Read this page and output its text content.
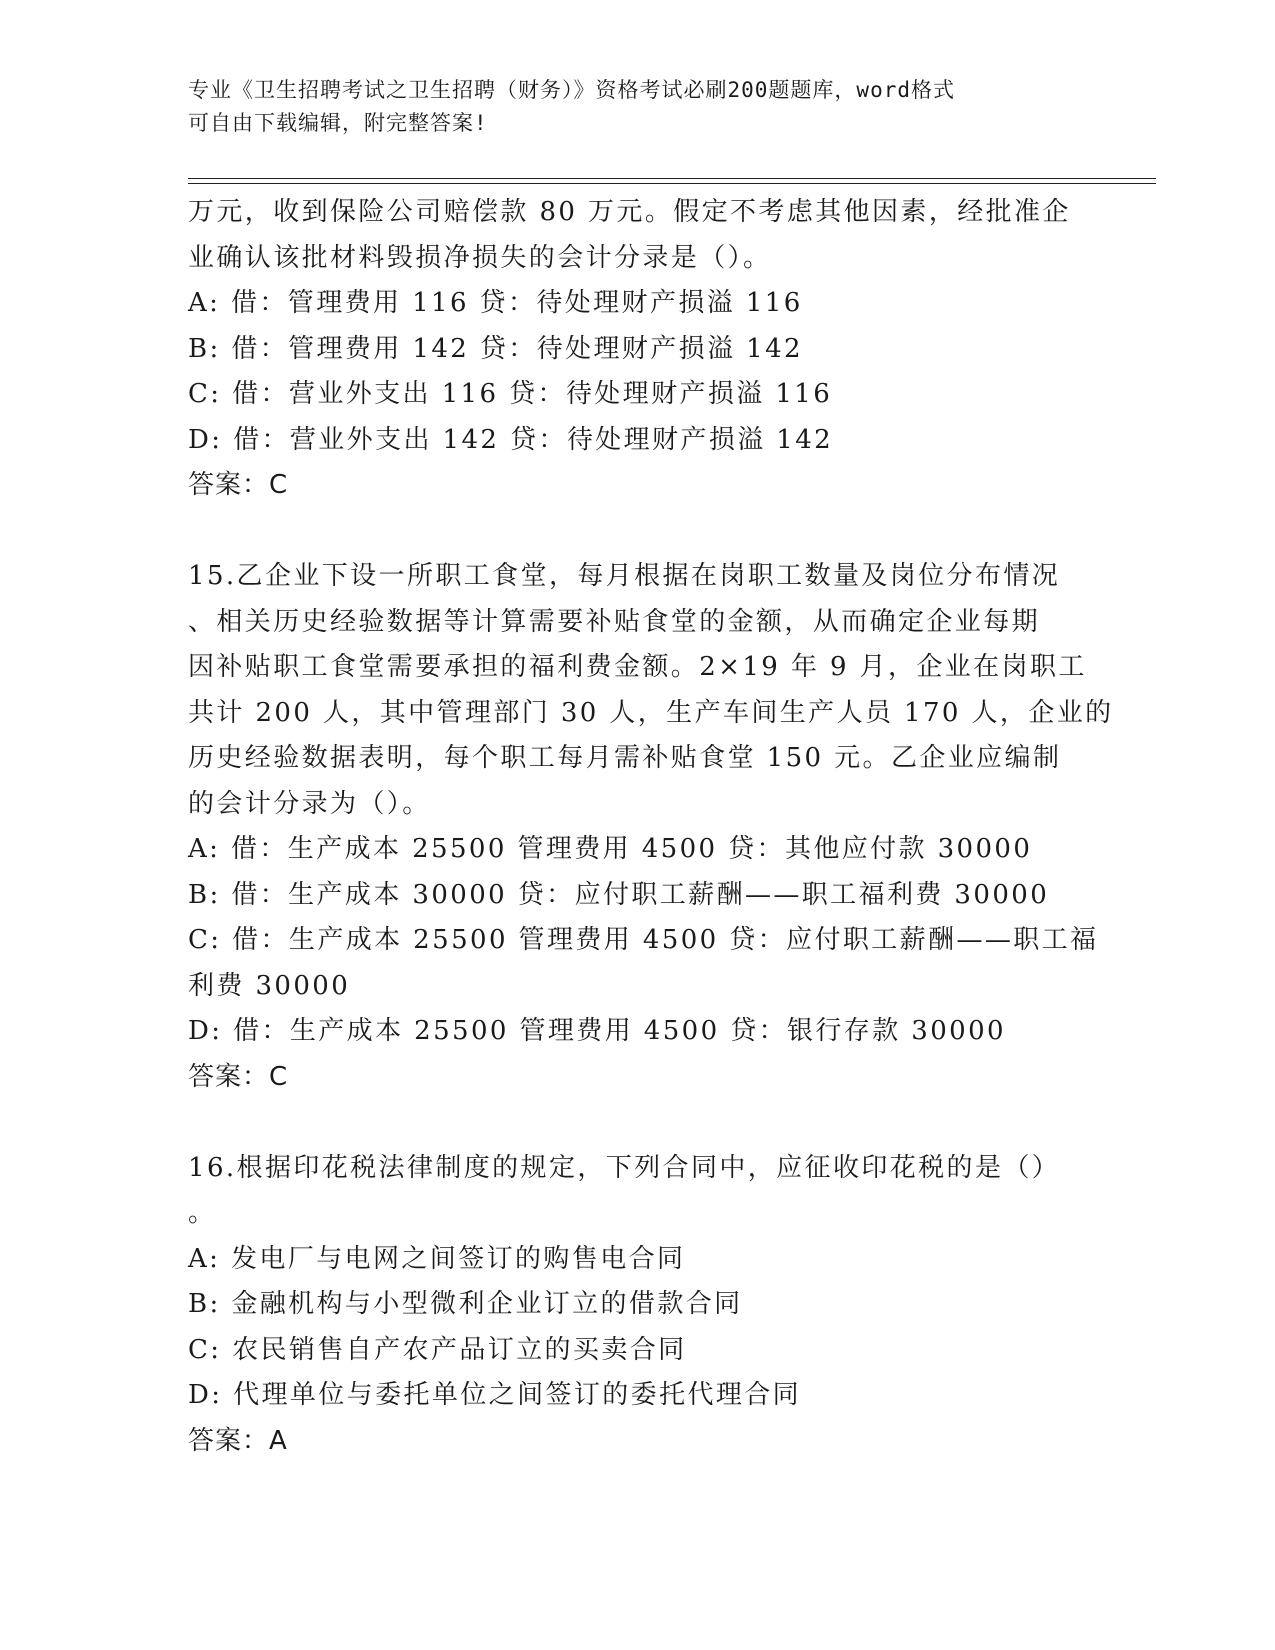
专业《卫生招聘考试之卫生招聘（财务）》资格考试必刷200题题库，word格式
可自由下载编辑，附完整答案!
万元，收到保险公司赔偿款 80 万元。假定不考虑其他因素，经批准企
业确认该批材料毁损净损失的会计分录是（）。
A: 借：管理费用 116 贷：待处理财产损溢 116
B: 借：管理费用 142 贷：待处理财产损溢 142
C: 借：营业外支出 116 贷：待处理财产损溢 116
D: 借：营业外支出 142 贷：待处理财产损溢 142
答案：C
15.乙企业下设一所职工食堂，每月根据在岗职工数量及岗位分布情况
、相关历史经验数据等计算需要补贴食堂的金额，从而确定企业每期
因补贴职工食堂需要承担的福利费金额。2×19 年 9 月，企业在岗职工
共计 200 人，其中管理部门 30 人，生产车间生产人员 170 人，企业的
历史经验数据表明，每个职工每月需补贴食堂 150 元。乙企业应编制
的会计分录为（）。
A: 借：生产成本 25500 管理费用 4500 贷：其他应付款 30000
B: 借：生产成本 30000 贷：应付职工薪酬——职工福利费 30000
C: 借：生产成本 25500 管理费用 4500 贷：应付职工薪酬——职工福
利费 30000
D: 借：生产成本 25500 管理费用 4500 贷：银行存款 30000
答案：C
16.根据印花税法律制度的规定，下列合同中，应征收印花税的是（）
。
A: 发电厂与电网之间签订的购售电合同
B: 金融机构与小型微利企业订立的借款合同
C: 农民销售自产农产品订立的买卖合同
D: 代理单位与委托单位之间签订的委托代理合同
答案：A
